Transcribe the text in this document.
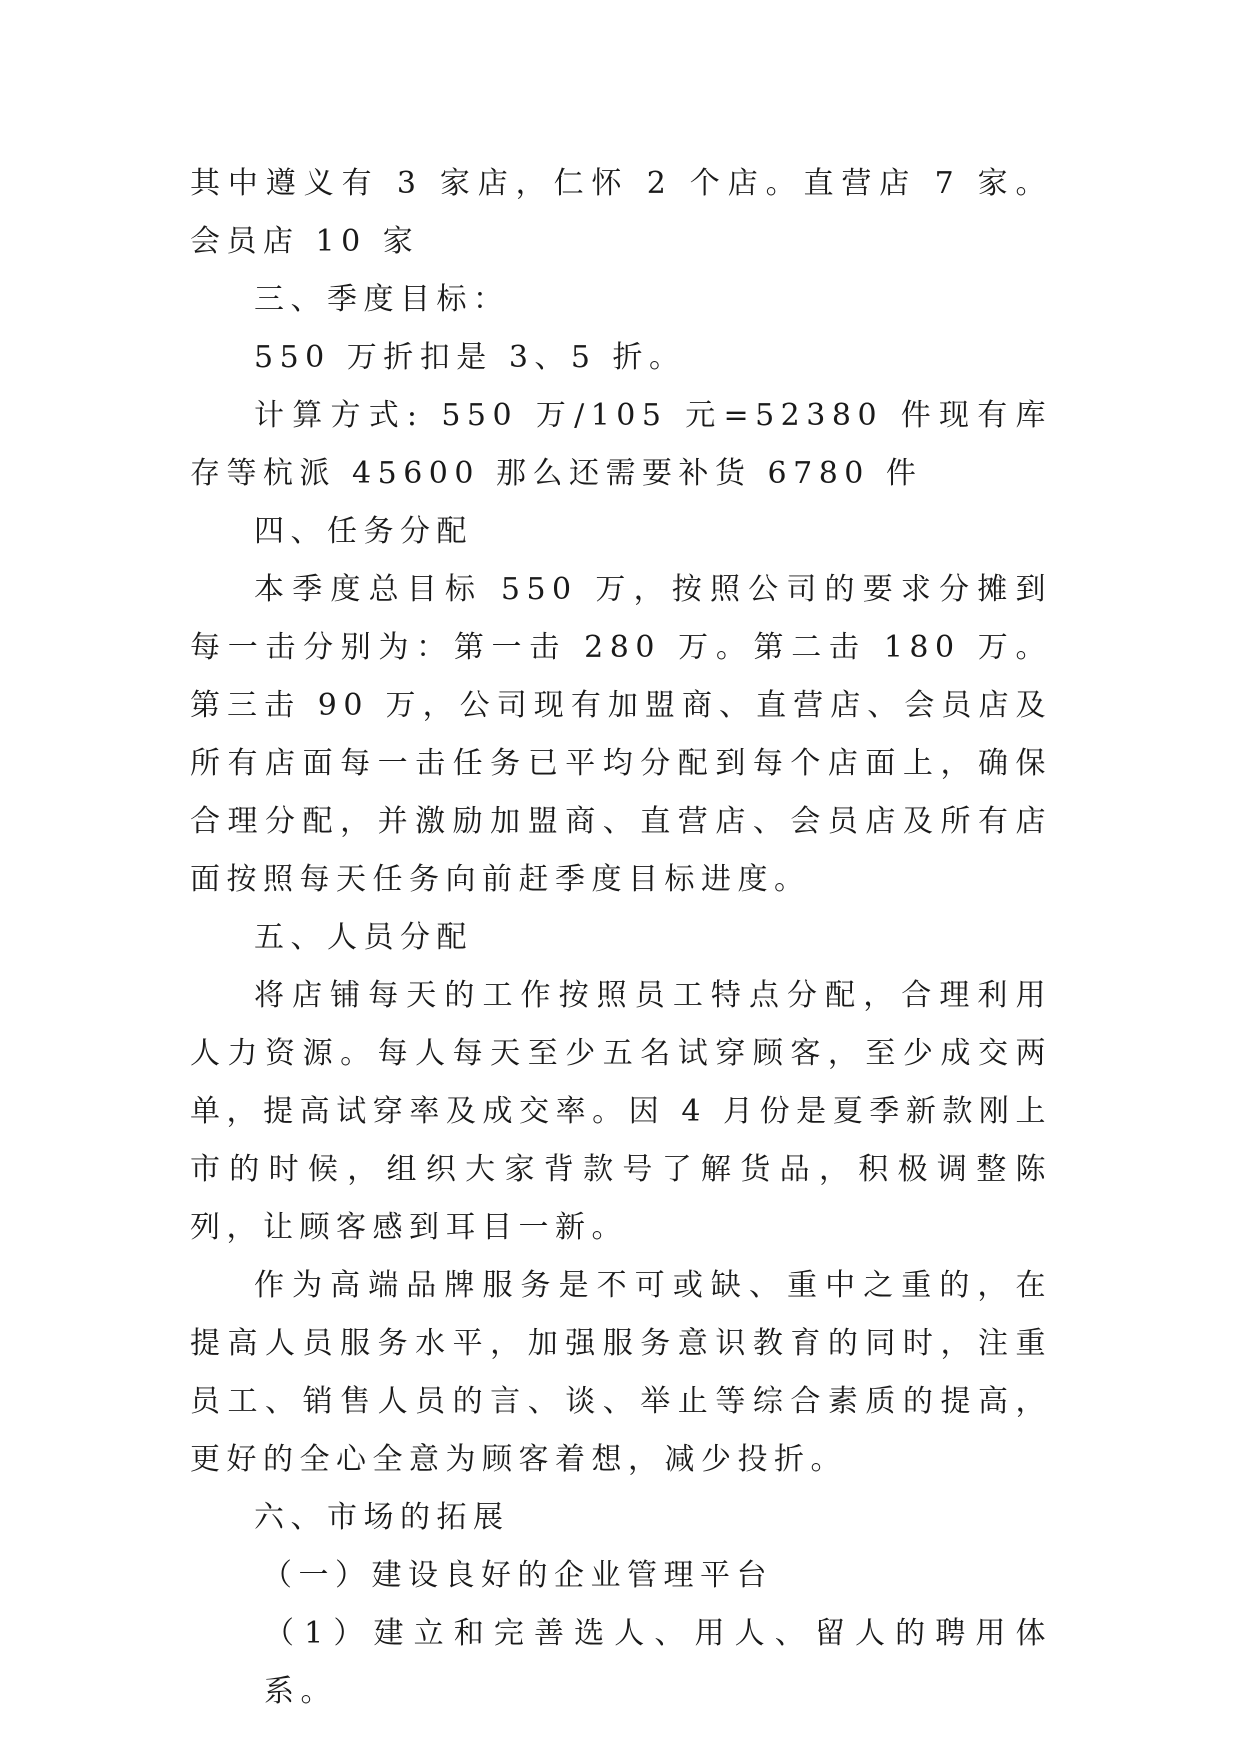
其中遵义有 3 家店，仁怀 2 个店。直营店 7 家。会员店 10 家

三、季度目标：

550 万折扣是 3、5 折。

计算方式: 550 万/105 元=52380 件现有库存等杭派 45600 那么还需要补货 6780 件

四、任务分配

本季度总目标 550 万，按照公司的要求分摊到每一击分别为：第一击 280 万。第二击 180 万。第三击 90 万，公司现有加盟商、直营店、会员店及所有店面每一击任务已平均分配到每个店面上，确保合理分配，并激励加盟商、直营店、会员店及所有店面按照每天任务向前赶季度目标进度。

五、人员分配

将店铺每天的工作按照员工特点分配，合理利用人力资源。每人每天至少五名试穿顾客，至少成交两单，提高试穿率及成交率。因 4 月份是夏季新款刚上市的时候，组织大家背款号了解货品，积极调整陈列，让顾客感到耳目一新。

作为高端品牌服务是不可或缺、重中之重的，在提高人员服务水平，加强服务意识教育的同时，注重员工、销售人员的言、谈、举止等综合素质的提高，更好的全心全意为顾客着想，减少投折。

六、市场的拓展

（一）建设良好的企业管理平台

（1）建立和完善选人、用人、留人的聘用体系。
